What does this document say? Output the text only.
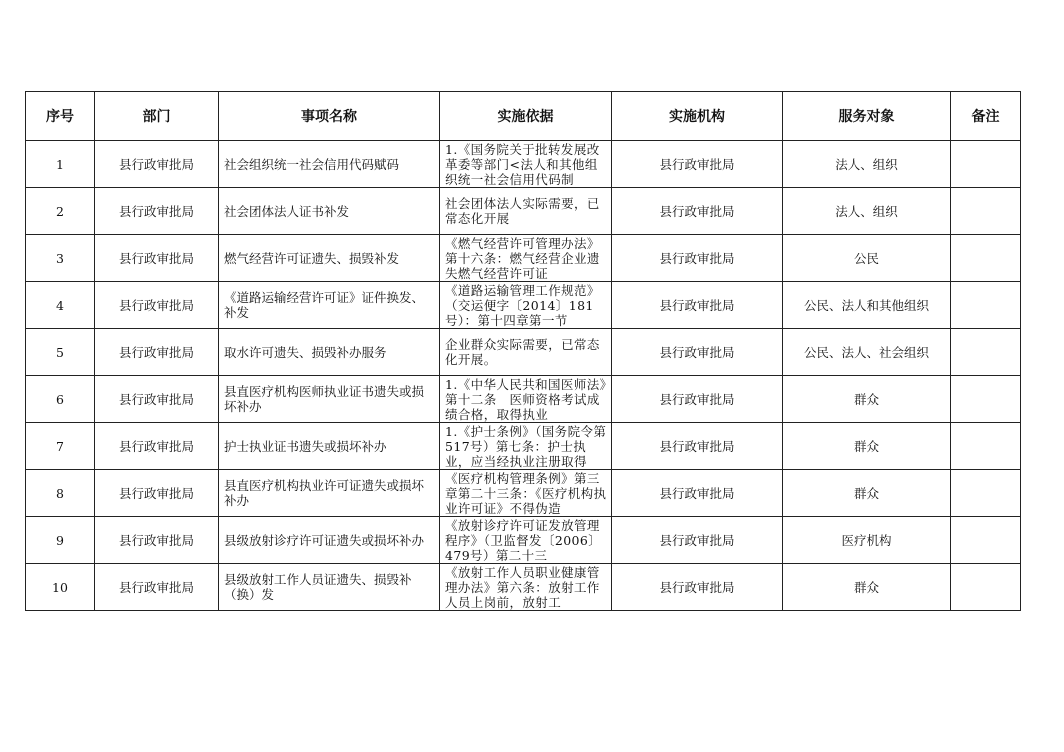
序号	部门	事项名称	实施依据	实施机构	服务对象	备注

1	县行政审批局	社会组织统一社会信用代码赋码	1.《国务院关于批转发展改革委等部门<法人和其他组织统一社会信用代码制	县行政审批局	法人、组织	

2	县行政审批局	社会团体法人证书补发	社会团体法人实际需要，已常态化开展	县行政审批局	法人、组织	

3	县行政审批局	燃气经营许可证遗失、损毁补发	《燃气经营许可管理办法》第十六条：燃气经营企业遗失燃气经营许可证	县行政审批局	公民	

4	县行政审批局	《道路运输经营许可证》证件换发、补发	《道路运输管理工作规范》（交运便字〔2014〕181号）：第十四章第一节	县行政审批局	公民、法人和其他组织	

5	县行政审批局	取水许可遗失、损毁补办服务	企业群众实际需要，已常态化开展。	县行政审批局	公民、法人、社会组织	

6	县行政审批局	县直医疗机构医师执业证书遗失或损坏补办	1.《中华人民共和国医师法》第十二条　医师资格考试成绩合格，取得执业	县行政审批局	群众	

7	县行政审批局	护士执业证书遗失或损坏补办	1.《护士条例》（国务院令第517号）第七条：护士执业，应当经执业注册取得	县行政审批局	群众	

8	县行政审批局	县直医疗机构执业许可证遗失或损坏补办	《医疗机构管理条例》第三章第二十三条：《医疗机构执业许可证》不得伪造	县行政审批局	群众	

9	县行政审批局	县级放射诊疗许可证遗失或损坏补办	《放射诊疗许可证发放管理程序》（卫监督发〔2006〕479号）第二十三	县行政审批局	医疗机构	

10	县行政审批局	县级放射工作人员证遗失、损毁补（换）发	《放射工作人员职业健康管理办法》第六条：放射工作人员上岗前，放射工	县行政审批局	群众	
